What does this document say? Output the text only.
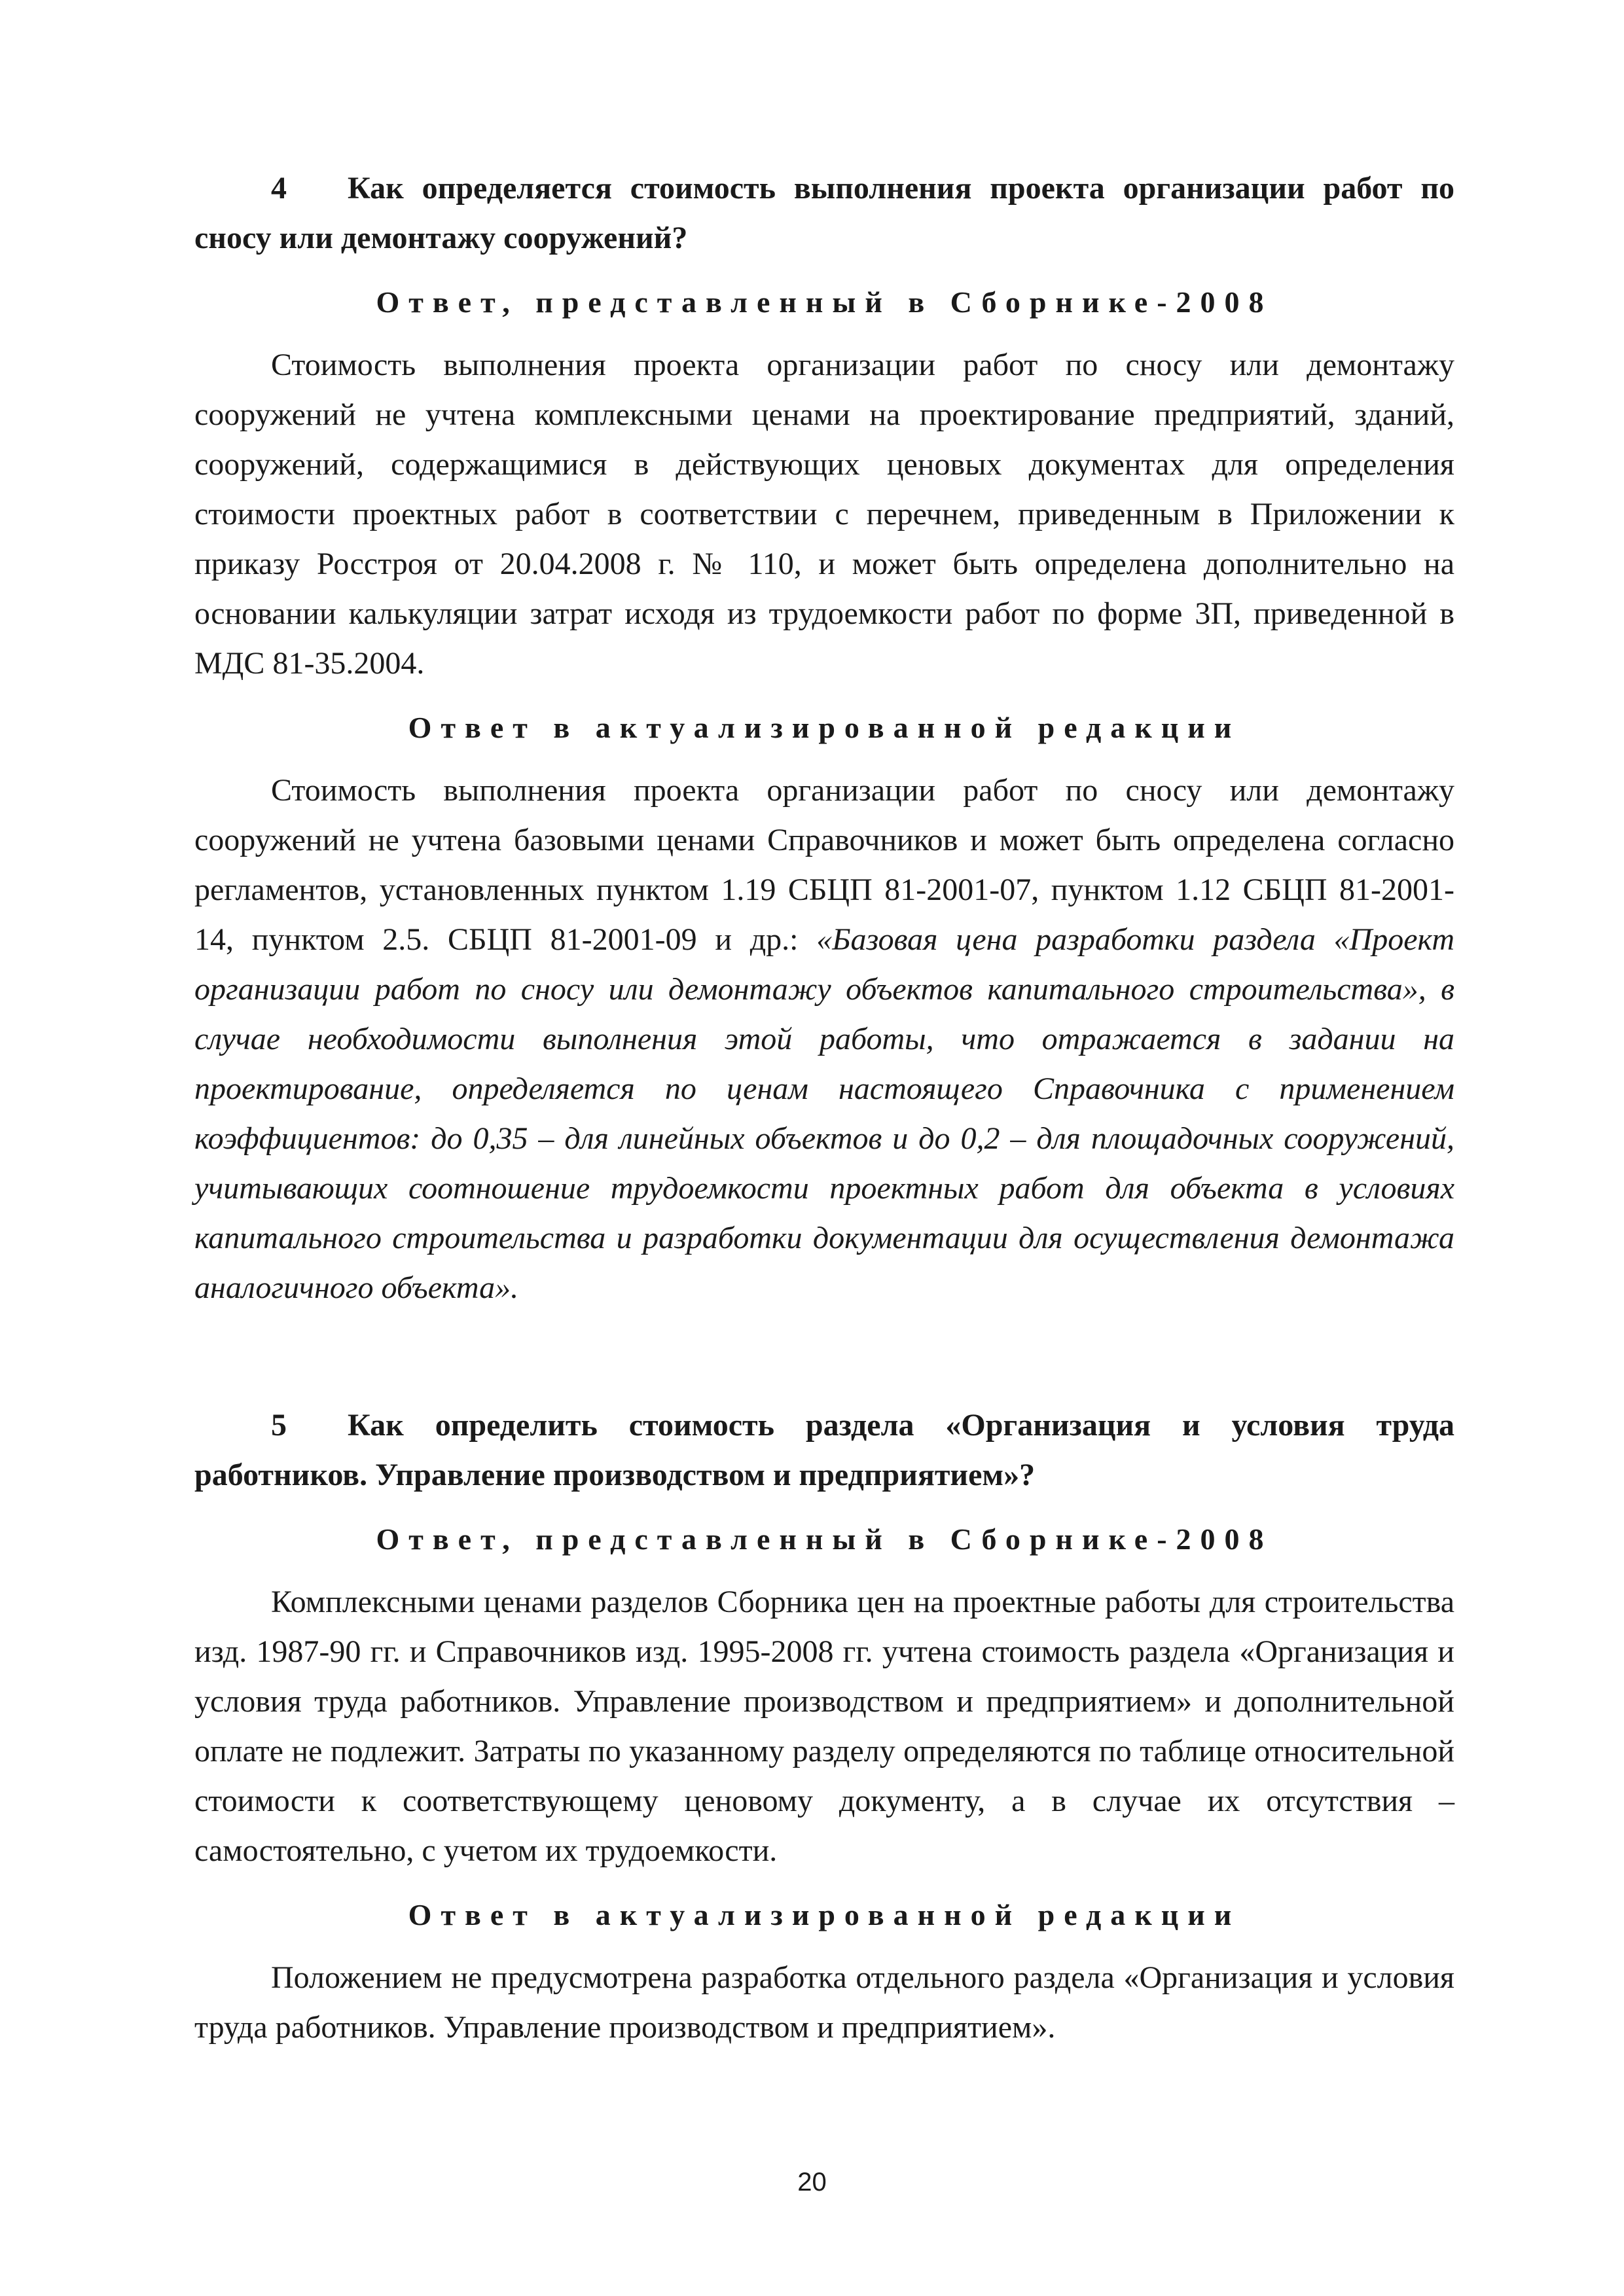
4 Как определяется стоимость выполнения проекта организации работ по сносу или демонтажу сооружений?

Ответ, представленный в Сборнике-2008

Стоимость выполнения проекта организации работ по сносу или демонтажу сооружений не учтена комплексными ценами на проектирование предприятий, зданий, сооружений, содержащимися в действующих ценовых документах для определения стоимости проектных работ в соответствии с перечнем, приведенным в Приложении к приказу Росстроя от 20.04.2008 г. № 110, и может быть определена дополнительно на основании калькуляции затрат исходя из трудоемкости работ по форме 3П, приведенной в МДС 81-35.2004.

Ответ в актуализированной редакции

Стоимость выполнения проекта организации работ по сносу или демонтажу сооружений не учтена базовыми ценами Справочников и может быть определена согласно регламентов, установленных пунктом 1.19 СБЦП 81-2001-07, пунктом 1.12 СБЦП 81-2001-14, пунктом 2.5. СБЦП 81-2001-09 и др.: «Базовая цена разработки раздела «Проект организации работ по сносу или демонтажу объектов капитального строительства», в случае необходимости выполнения этой работы, что отражается в задании на проектирование, определяется по ценам настоящего Справочника с применением коэффициентов: до 0,35 – для линейных объектов и до 0,2 – для площадочных сооружений, учитывающих соотношение трудоемкости проектных работ для объекта в условиях капитального строительства и разработки документации для осуществления демонтажа аналогичного объекта».

5 Как определить стоимость раздела «Организация и условия труда работников. Управление производством и предприятием»?

Ответ, представленный в Сборнике-2008

Комплексными ценами разделов Сборника цен на проектные работы для строительства изд. 1987-90 гг. и Справочников изд. 1995-2008 гг. учтена стоимость раздела «Организация и условия труда работников. Управление производством и предприятием» и дополнительной оплате не подлежит. Затраты по указанному разделу определяются по таблице относительной стоимости к соответствующему ценовому документу, а в случае их отсутствия – самостоятельно, с учетом их трудоемкости.

Ответ в актуализированной редакции

Положением не предусмотрена разработка отдельного раздела «Организация и условия труда работников. Управление производством и предприятием».

20
